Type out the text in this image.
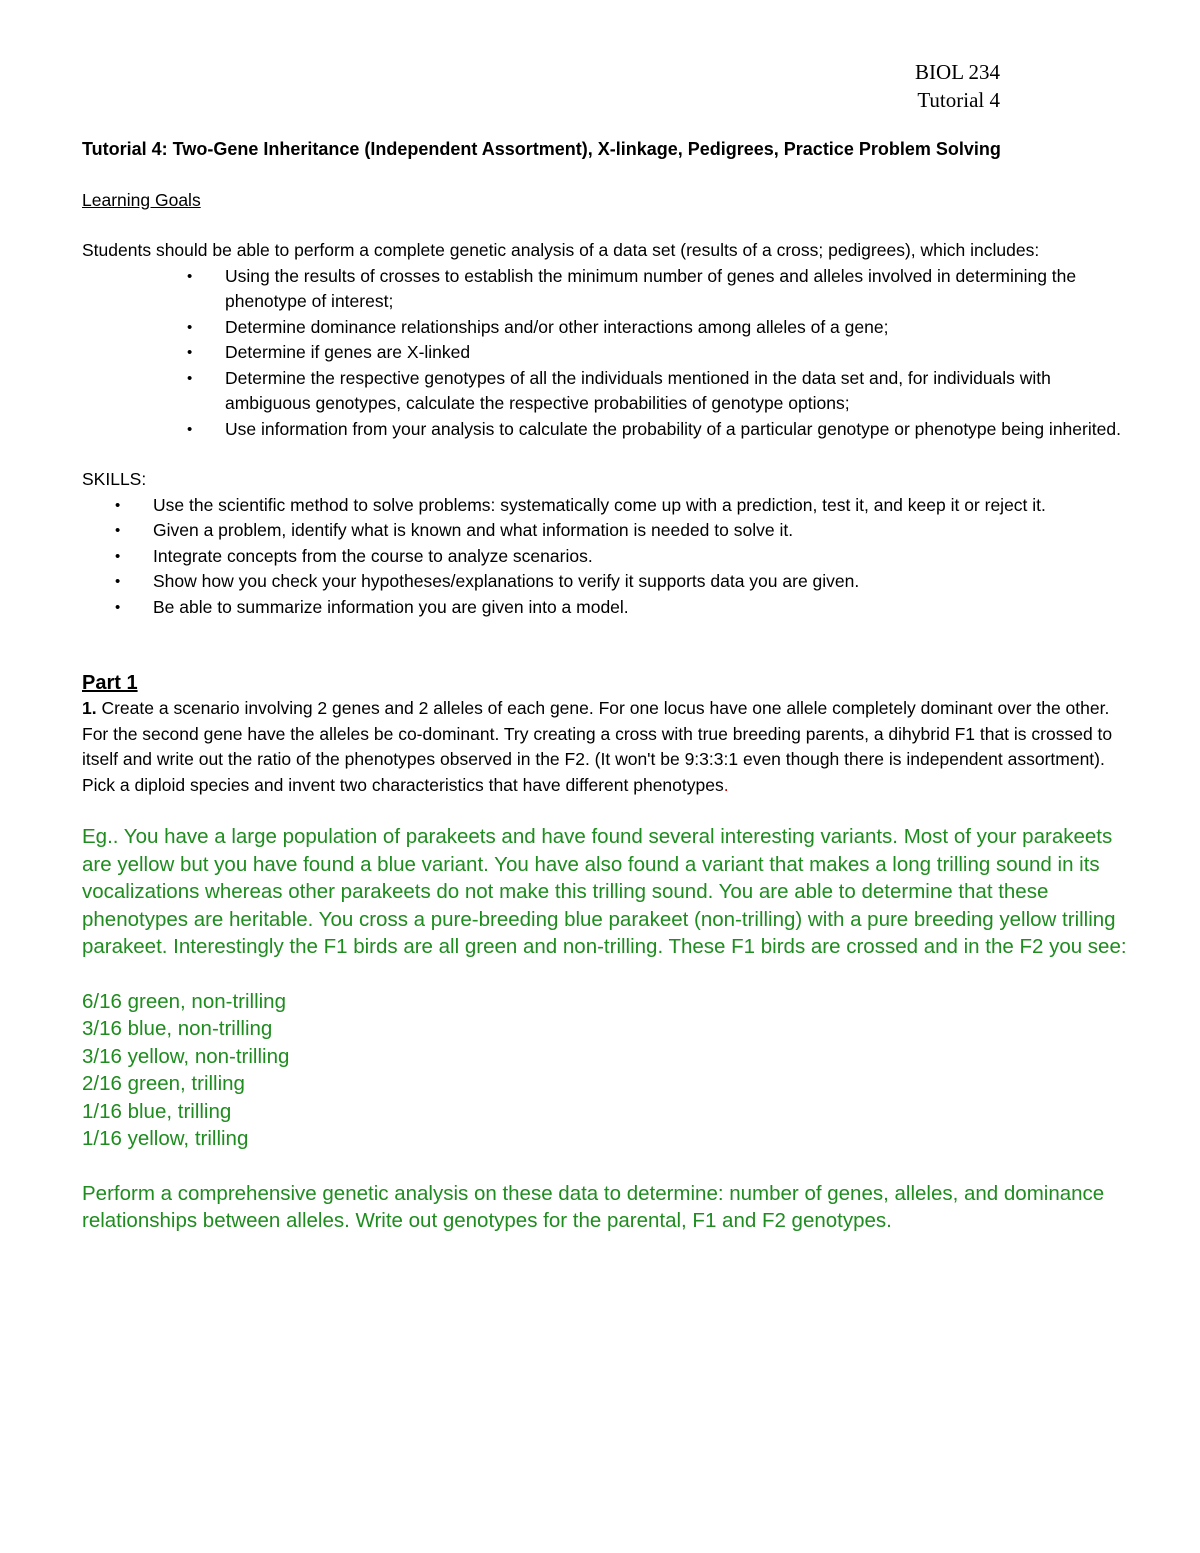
BIOL 234
Tutorial 4

Tutorial 4: Two-Gene Inheritance (Independent Assortment), X-linkage, Pedigrees, Practice Problem Solving

Learning Goals

Students should be able to perform a complete genetic analysis of a data set (results of a cross; pedigrees), which includes:

• Using the results of crosses to establish the minimum number of genes and alleles involved in determining the phenotype of interest;
• Determine dominance relationships and/or other interactions among alleles of a gene;
• Determine if genes are X-linked
• Determine the respective genotypes of all the individuals mentioned in the data set and, for individuals with ambiguous genotypes, calculate the respective probabilities of genotype options;
• Use information from your analysis to calculate the probability of a particular genotype or phenotype being inherited.
SKILLS:
• Use the scientific method to solve problems: systematically come up with a prediction, test it, and keep it or reject it.
• Given a problem, identify what is known and what information is needed to solve it.
• Integrate concepts from the course to analyze scenarios.
• Show how you check your hypotheses/explanations to verify it supports data you are given.
• Be able to summarize information you are given into a model.
Part 1

1. Create a scenario involving 2 genes and 2 alleles of each gene. For one locus have one allele completely dominant over the other. For the second gene have the alleles be co-dominant. Try creating a cross with true breeding parents, a dihybrid F1 that is crossed to itself and write out the ratio of the phenotypes observed in the F2. (It won't be 9:3:3:1 even though there is independent assortment). Pick a diploid species and invent two characteristics that have different phenotypes.

Eg.. You have a large population of parakeets and have found several interesting variants. Most of your parakeets are yellow but you have found a blue variant. You have also found a variant that makes a long trilling sound in its vocalizations whereas other parakeets do not make this trilling sound. You are able to determine that these phenotypes are heritable. You cross a pure-breeding blue parakeet (non-trilling) with a pure breeding yellow trilling parakeet. Interestingly the F1 birds are all green and non-trilling. These F1 birds are crossed and in the F2 you see:

6/16 green, non-trilling
3/16 blue, non-trilling
3/16 yellow, non-trilling
2/16 green, trilling
1/16 blue, trilling
1/16 yellow, trilling

Perform a comprehensive genetic analysis on these data to determine: number of genes, alleles, and dominance relationships between alleles. Write out genotypes for the parental, F1 and F2 genotypes.
